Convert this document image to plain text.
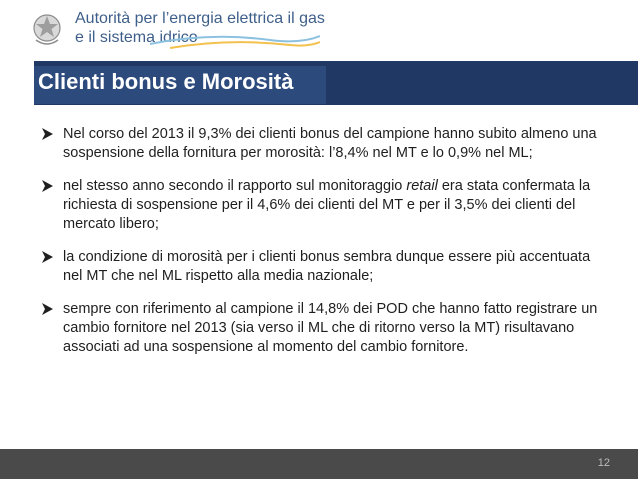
Autorità per l’energia elettrica il gas
e il sistema idrico
Clienti bonus e Morosità
Nel corso del 2013 il 9,3% dei clienti bonus del campione hanno subito almeno una sospensione della fornitura per morosità: l’8,4% nel MT e lo 0,9% nel ML;
nel stesso anno secondo il rapporto sul monitoraggio retail era stata confermata la richiesta di sospensione per il 4,6% dei clienti del MT e per il 3,5% dei clienti del mercato libero;
la condizione di morosità per i clienti bonus sembra dunque essere più accentuata nel MT che nel ML rispetto alla media nazionale;
sempre con riferimento al campione il 14,8% dei POD che hanno fatto registrare un cambio fornitore nel 2013 (sia verso il ML che di ritorno verso la MT) risultavano associati ad una sospensione al momento del cambio fornitore.
12
